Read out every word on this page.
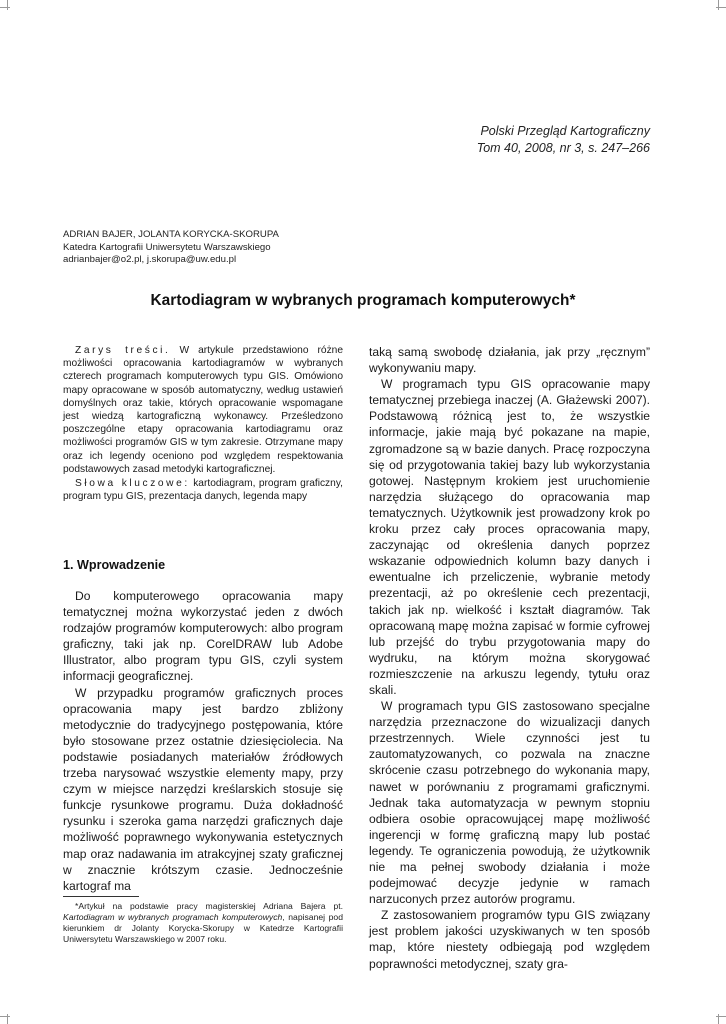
Polski Przegląd Kartograficzny
Tom 40, 2008, nr 3, s. 247–266
ADRIAN BAJER, JOLANTA KORYCKA-SKORUPA
Katedra Kartografii Uniwersytetu Warszawskiego
adrianbajer@o2.pl, j.skorupa@uw.edu.pl
Kartodiagram w wybranych programach komputerowych*

Zarys treści. W artykule przedstawiono różne możliwości opracowania kartodiagramów w wybranych czterech programach komputerowych typu GIS. Omówiono mapy opracowane w sposób automatyczny, według ustawień domyślnych oraz takie, których opracowanie wspomagane jest wiedzą kartograficzną wykonawcy. Prześledzono poszczególne etapy opracowania kartodiagramu oraz możliwości programów GIS w tym zakresie. Otrzymane mapy oraz ich legendy oceniono pod względem respektowania podstawowych zasad metodyki kartograficznej.

Słowa kluczowe: kartodiagram, program graficzny, program typu GIS, prezentacja danych, legenda mapy

1. Wprowadzenie

Do komputerowego opracowania mapy tematycznej można wykorzystać jeden z dwóch rodzajów programów komputerowych: albo program graficzny, taki jak np. CorelDRAW lub Adobe Illustrator, albo program typu GIS, czyli system informacji geograficznej.

W przypadku programów graficznych proces opracowania mapy jest bardzo zbliżony metodycznie do tradycyjnego postępowania, które było stosowane przez ostatnie dziesięciolecia. Na podstawie posiadanych materiałów źródłowych trzeba narysować wszystkie elementy mapy, przy czym w miejsce narzędzi kreślarskich stosuje się funkcje rysunkowe programu. Duża dokładność rysunku i szeroka gama narzędzi graficznych daje możliwość poprawnego wykonywania estetycznych map oraz nadawania im atrakcyjnej szaty graficznej w znacznie krótszym czasie. Jednocześnie kartograf ma

taką samą swobodę działania, jak przy „ręcznym” wykonywaniu mapy.

W programach typu GIS opracowanie mapy tematycznej przebiega inaczej (A. Głażewski 2007). Podstawową różnicą jest to, że wszystkie informacje, jakie mają być pokazane na mapie, zgromadzone są w bazie danych. Pracę rozpoczyna się od przygotowania takiej bazy lub wykorzystania gotowej. Następnym krokiem jest uruchomienie narzędzia służącego do opracowania map tematycznych. Użytkownik jest prowadzony krok po kroku przez cały proces opracowania mapy, zaczynając od określenia danych poprzez wskazanie odpowiednich kolumn bazy danych i ewentualne ich przeliczenie, wybranie metody prezentacji, aż po określenie cech prezentacji, takich jak np. wielkość i kształt diagramów. Tak opracowaną mapę można zapisać w formie cyfrowej lub przejść do trybu przygotowania mapy do wydruku, na którym można skorygować rozmieszczenie na arkuszu legendy, tytułu oraz skali.

W programach typu GIS zastosowano specjalne narzędzia przeznaczone do wizualizacji danych przestrzennych. Wiele czynności jest tu zautomatyzowanych, co pozwala na znaczne skrócenie czasu potrzebnego do wykonania mapy, nawet w porównaniu z programami graficznymi. Jednak taka automatyzacja w pewnym stopniu odbiera osobie opracowującej mapę możliwość ingerencji w formę graficzną mapy lub postać legendy. Te ograniczenia powodują, że użytkownik nie ma pełnej swobody działania i może podejmować decyzje jedynie w ramach narzuconych przez autorów programu.

Z zastosowaniem programów typu GIS związany jest problem jakości uzyskiwanych w ten sposób map, które niestety odbiegają pod względem poprawności metodycznej, szaty gra-

*Artykuł na podstawie pracy magisterskiej Adriana Bajera pt. Kartodiagram w wybranych programach komputerowych, napisanej pod kierunkiem dr Jolanty Korycka-Skorupy w Katedrze Kartografii Uniwersytetu Warszawskiego w 2007 roku.
